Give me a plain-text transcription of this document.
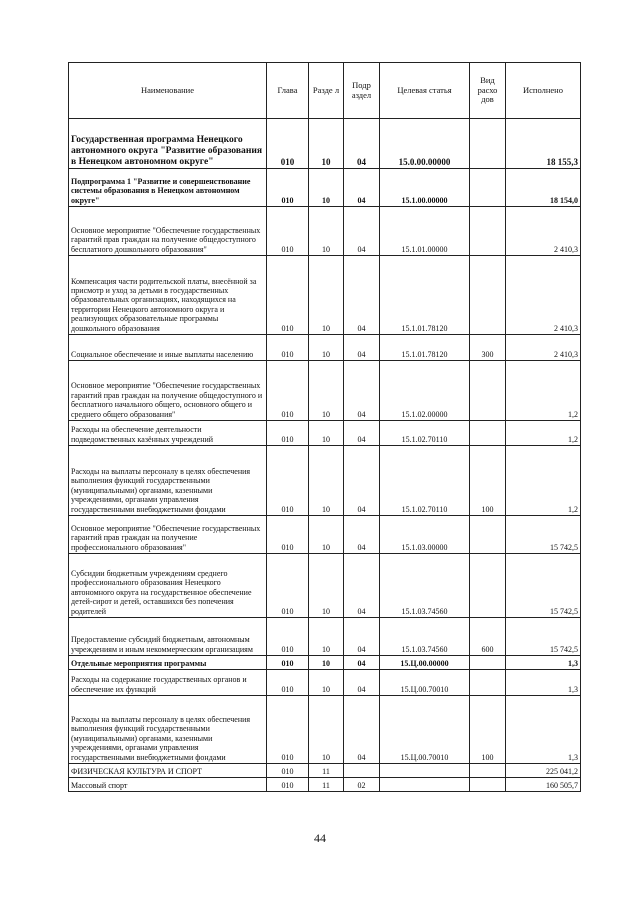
Наименование	Глава	Разде л	Подр аздел	Целевая статья	Вид расхо дов	Исполнено
Государственная программа Ненецкого автономного округа "Развитие образования в Ненецком автономном округе"	010	10	04	15.0.00.00000		18 155,3
Подпрограмма 1 "Развитие и совершенствование системы образования в Ненецком автономном округе"	010	10	04	15.1.00.00000		18 154,0
Основное мероприятие "Обеспечение государственных гарантий прав граждан на получение общедоступного бесплатного дошкольного образования"	010	10	04	15.1.01.00000		2 410,3
Компенсация части родительской платы, внесённой за присмотр и уход за детьми в государственных образовательных организациях, находящихся на территории Ненецкого автономного округа и реализующих образовательные программы дошкольного образования	010	10	04	15.1.01.78120		2 410,3
Социальное обеспечение и иные выплаты населению	010	10	04	15.1.01.78120	300	2 410,3
Основное мероприятие "Обеспечение государственных гарантий прав граждан на получение общедоступного и бесплатного начального общего, основного общего и среднего общего образования"	010	10	04	15.1.02.00000		1,2
Расходы на обеспечение деятельности подведомственных казённых учреждений	010	10	04	15.1.02.70110		1,2
Расходы на выплаты персоналу в целях обеспечения выполнения функций государственными (муниципальными) органами, казенными учреждениями, органами управления государственными внебюджетными фондами	010	10	04	15.1.02.70110	100	1,2
Основное мероприятие "Обеспечение государственных гарантий прав граждан на получение профессионального образования"	010	10	04	15.1.03.00000		15 742,5
Субсидии бюджетным учреждениям среднего профессионального образования Ненецкого автономного округа на государственное обеспечение детей-сирот и детей, оставшихся без попечения родителей	010	10	04	15.1.03.74560		15 742,5
Предоставление субсидий бюджетным, автономным учреждениям и иным некоммерческим организациям	010	10	04	15.1.03.74560	600	15 742,5
Отдельные мероприятия программы	010	10	04	15.Ц.00.00000		1,3
Расходы на содержание государственных органов и обеспечение их функций	010	10	04	15.Ц.00.70010		1,3
Расходы на выплаты персоналу в целях обеспечения выполнения функций государственными (муниципальными) органами, казенными учреждениями, органами управления государственными внебюджетными фондами	010	10	04	15.Ц.00.70010	100	1,3
ФИЗИЧЕСКАЯ КУЛЬТУРА И СПОРТ	010	11				225 041,2
Массовый спорт	010	11	02			160 505,7
44
